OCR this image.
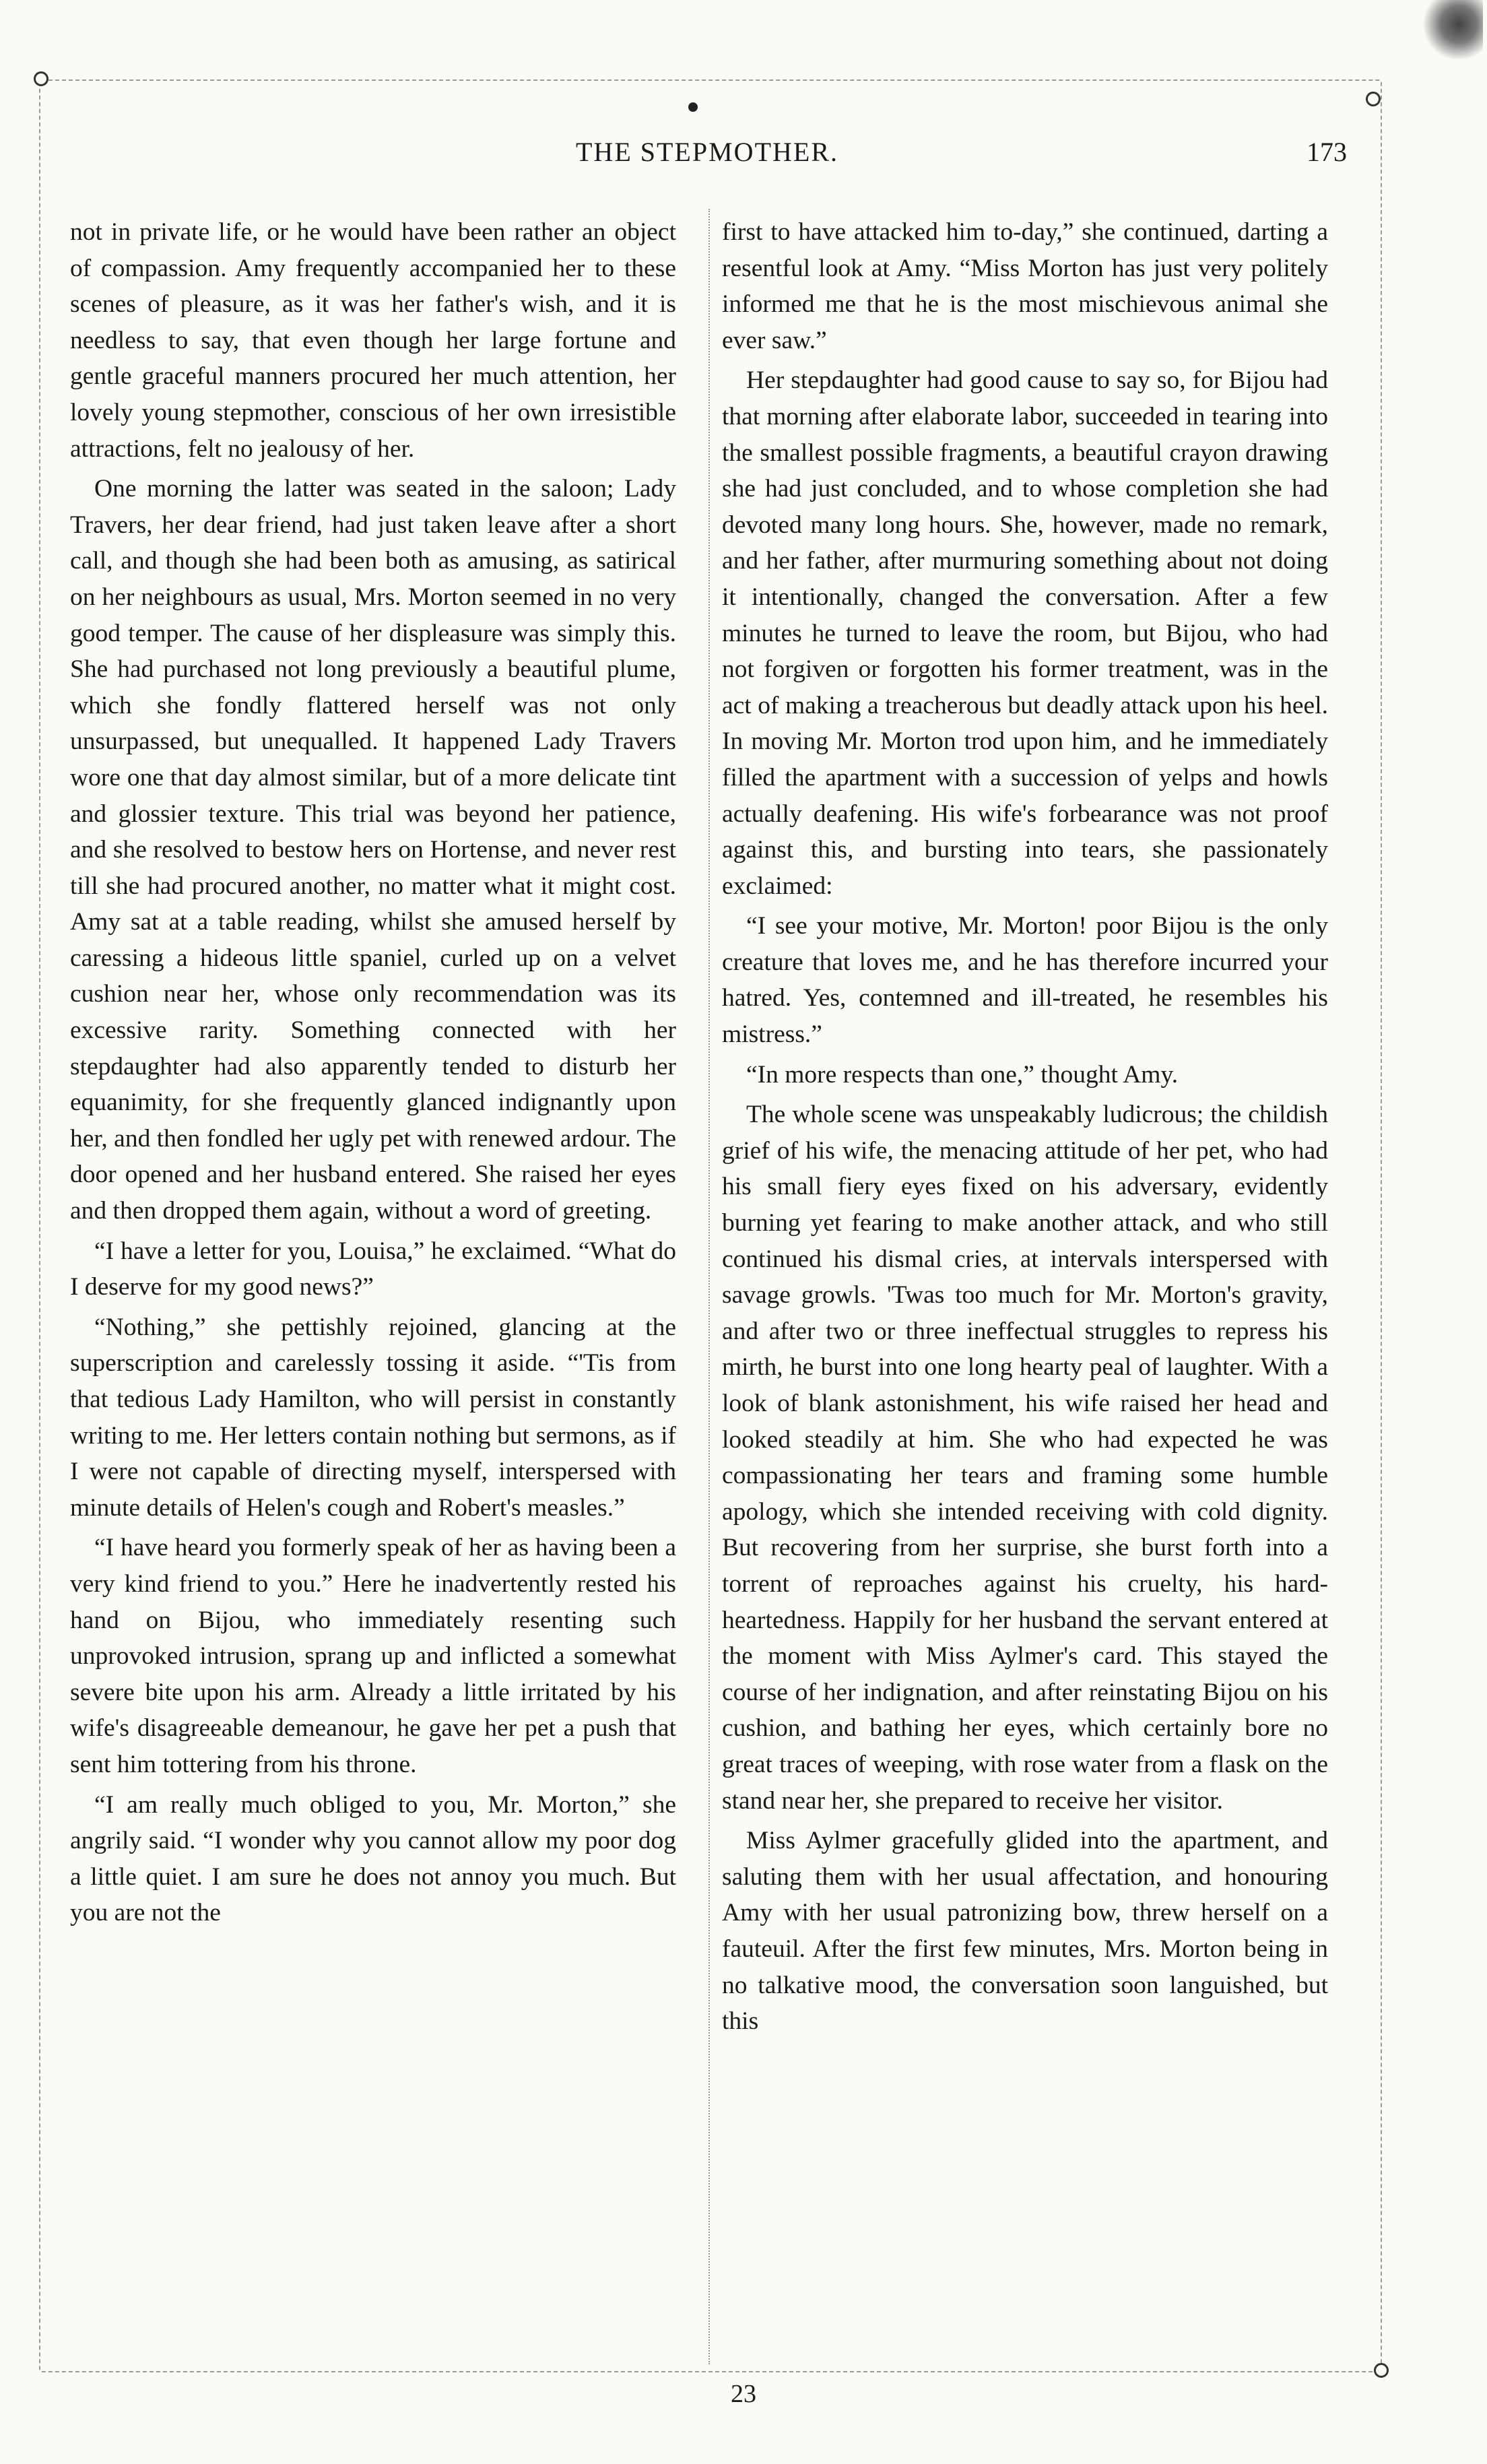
THE STEPMOTHER.	173

not in private life, or he would have been rather an object of compassion. Amy frequently accompanied her to these scenes of pleasure, as it was her father's wish, and it is needless to say, that even though her large fortune and gentle graceful manners procured her much attention, her lovely young stepmother, conscious of her own irresistible attractions, felt no jealousy of her.

One morning the latter was seated in the saloon; Lady Travers, her dear friend, had just taken leave after a short call, and though she had been both as amusing, as satirical on her neighbours as usual, Mrs. Morton seemed in no very good temper. The cause of her displeasure was simply this. She had purchased not long previously a beautiful plume, which she fondly flattered herself was not only unsurpassed, but unequalled. It happened Lady Travers wore one that day almost similar, but of a more delicate tint and glossier texture. This trial was beyond her patience, and she resolved to bestow hers on Hortense, and never rest till she had procured another, no matter what it might cost. Amy sat at a table reading, whilst she amused herself by caressing a hideous little spaniel, curled up on a velvet cushion near her, whose only recommendation was its excessive rarity. Something connected with her stepdaughter had also apparently tended to disturb her equanimity, for she frequently glanced indignantly upon her, and then fondled her ugly pet with renewed ardour. The door opened and her husband entered. She raised her eyes and then dropped them again, without a word of greeting.

“I have a letter for you, Louisa,” he exclaimed. “What do I deserve for my good news?”

“Nothing,” she pettishly rejoined, glancing at the superscription and carelessly tossing it aside. “'Tis from that tedious Lady Hamilton, who will persist in constantly writing to me. Her letters contain nothing but sermons, as if I were not capable of directing myself, interspersed with minute details of Helen's cough and Robert's measles.”

“I have heard you formerly speak of her as having been a very kind friend to you.” Here he inadvertently rested his hand on Bijou, who immediately resenting such unprovoked intrusion, sprang up and inflicted a somewhat severe bite upon his arm. Already a little irritated by his wife's disagreeable demeanour, he gave her pet a push that sent him tottering from his throne.

“I am really much obliged to you, Mr. Morton,” she angrily said. “I wonder why you cannot allow my poor dog a little quiet. I am sure he does not annoy you much. But you are not the

first to have attacked him to-day,” she continued, darting a resentful look at Amy. “Miss Morton has just very politely informed me that he is the most mischievous animal she ever saw.”

Her stepdaughter had good cause to say so, for Bijou had that morning after elaborate labor, succeeded in tearing into the smallest possible fragments, a beautiful crayon drawing she had just concluded, and to whose completion she had devoted many long hours. She, however, made no remark, and her father, after murmuring something about not doing it intentionally, changed the conversation. After a few minutes he turned to leave the room, but Bijou, who had not forgiven or forgotten his former treatment, was in the act of making a treacherous but deadly attack upon his heel. In moving Mr. Morton trod upon him, and he immediately filled the apartment with a succession of yelps and howls actually deafening. His wife's forbearance was not proof against this, and bursting into tears, she passionately exclaimed:

“I see your motive, Mr. Morton! poor Bijou is the only creature that loves me, and he has therefore incurred your hatred. Yes, contemned and ill-treated, he resembles his mistress.”

“In more respects than one,” thought Amy.

The whole scene was unspeakably ludicrous; the childish grief of his wife, the menacing attitude of her pet, who had his small fiery eyes fixed on his adversary, evidently burning yet fearing to make another attack, and who still continued his dismal cries, at intervals interspersed with savage growls. 'Twas too much for Mr. Morton's gravity, and after two or three ineffectual struggles to repress his mirth, he burst into one long hearty peal of laughter. With a look of blank astonishment, his wife raised her head and looked steadily at him. She who had expected he was compassionating her tears and framing some humble apology, which she intended receiving with cold dignity. But recovering from her surprise, she burst forth into a torrent of reproaches against his cruelty, his hard-heartedness. Happily for her husband the servant entered at the moment with Miss Aylmer's card. This stayed the course of her indignation, and after reinstating Bijou on his cushion, and bathing her eyes, which certainly bore no great traces of weeping, with rose water from a flask on the stand near her, she prepared to receive her visitor.

Miss Aylmer gracefully glided into the apartment, and saluting them with her usual affectation, and honouring Amy with her usual patronizing bow, threw herself on a fauteuil. After the first few minutes, Mrs. Morton being in no talkative mood, the conversation soon languished, but this

23
